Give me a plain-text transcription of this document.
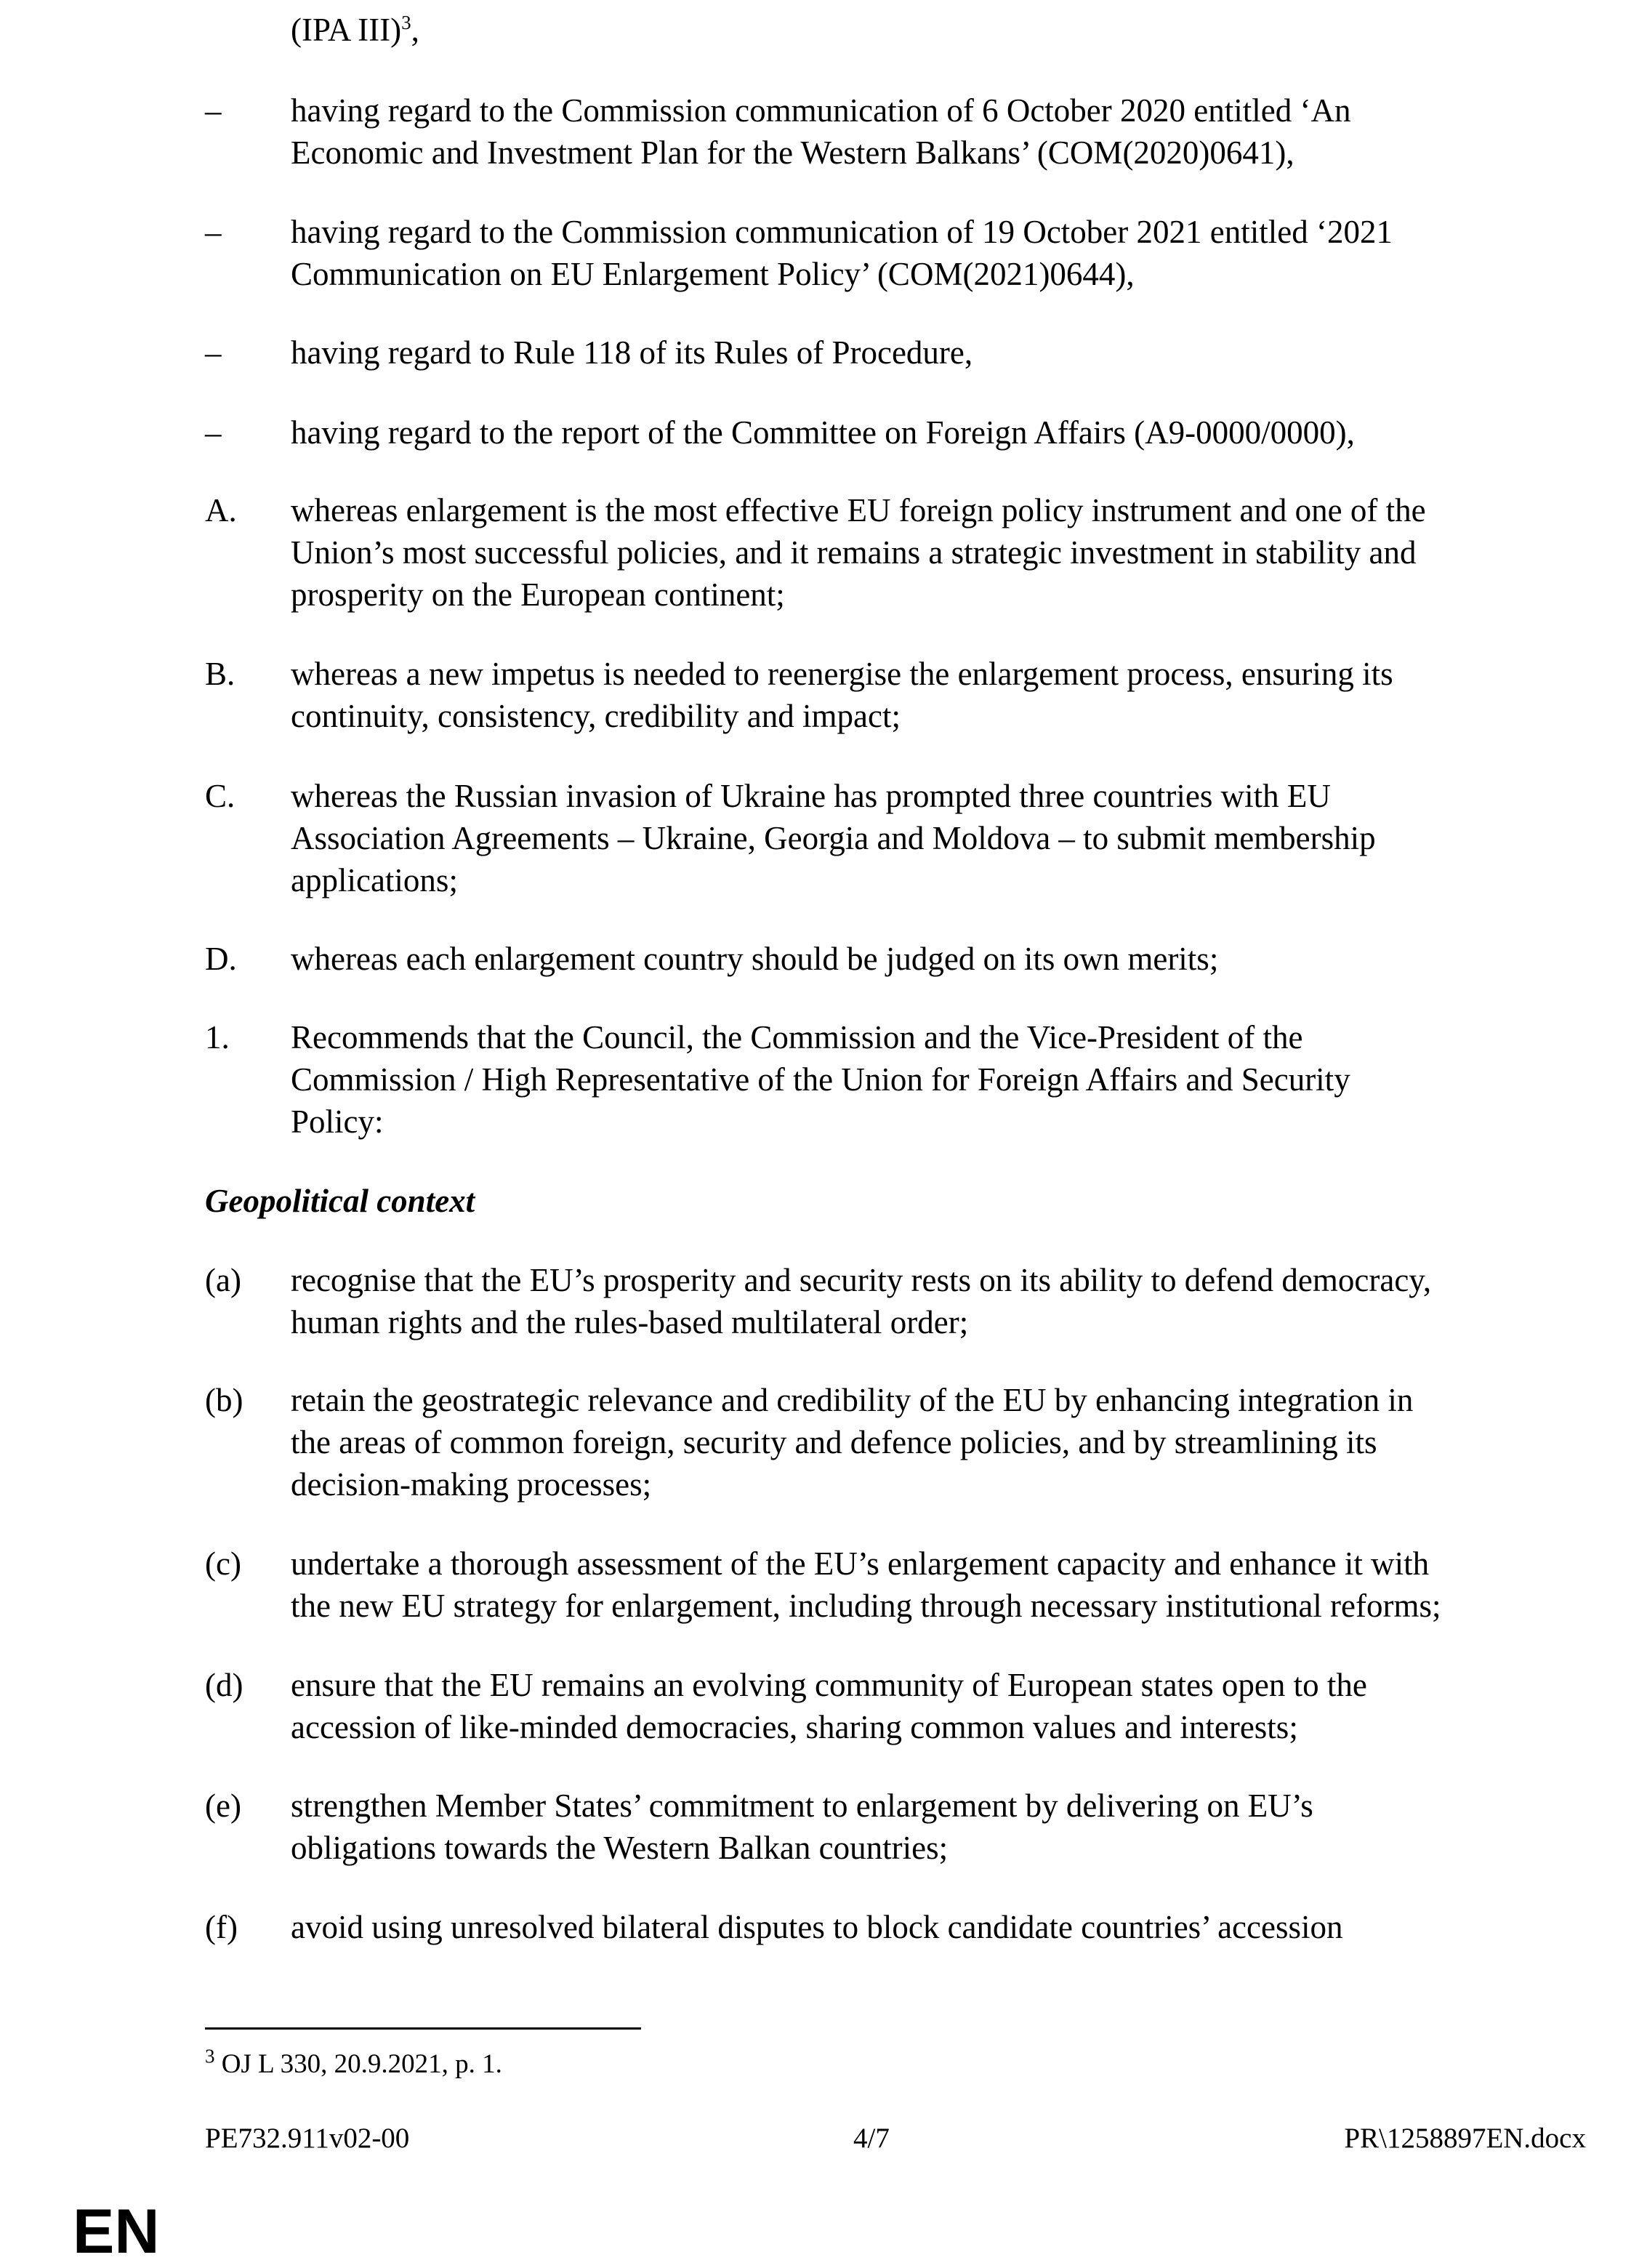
(IPA III)$^3$,
– having regard to the Commission communication of 6 October 2020 entitled ‘An
Economic and Investment Plan for the Western Balkans’ (COM(2020)0641),
– having regard to the Commission communication of 19 October 2021 entitled ‘2021
Communication on EU Enlargement Policy’ (COM(2021)0644),
– having regard to Rule 118 of its Rules of Procedure,
– having regard to the report of the Committee on Foreign Affairs (A9-0000/0000),
A. whereas enlargement is the most effective EU foreign policy instrument and one of the
Union’s most successful policies, and it remains a strategic investment in stability and
prosperity on the European continent;
B. whereas a new impetus is needed to reenergise the enlargement process, ensuring its
continuity, consistency, credibility and impact;
C. whereas the Russian invasion of Ukraine has prompted three countries with EU
Association Agreements – Ukraine, Georgia and Moldova – to submit membership
applications;
D. whereas each enlargement country should be judged on its own merits;
1. Recommends that the Council, the Commission and the Vice-President of the
Commission / High Representative of the Union for Foreign Affairs and Security
Policy:
Geopolitical context
(a) recognise that the EU’s prosperity and security rests on its ability to defend democracy,
human rights and the rules-based multilateral order;
(b) retain the geostrategic relevance and credibility of the EU by enhancing integration in
the areas of common foreign, security and defence policies, and by streamlining its
decision-making processes;
(c) undertake a thorough assessment of the EU’s enlargement capacity and enhance it with
the new EU strategy for enlargement, including through necessary institutional reforms;
(d) ensure that the EU remains an evolving community of European states open to the
accession of like-minded democracies, sharing common values and interests;
(e) strengthen Member States’ commitment to enlargement by delivering on EU’s
obligations towards the Western Balkan countries;
(f) avoid using unresolved bilateral disputes to block candidate countries’ accession
$^3$ OJ L 330, 20.9.2021, p. 1.
PE732.911v02-00	4/7	PR\1258897EN.docx
EN
